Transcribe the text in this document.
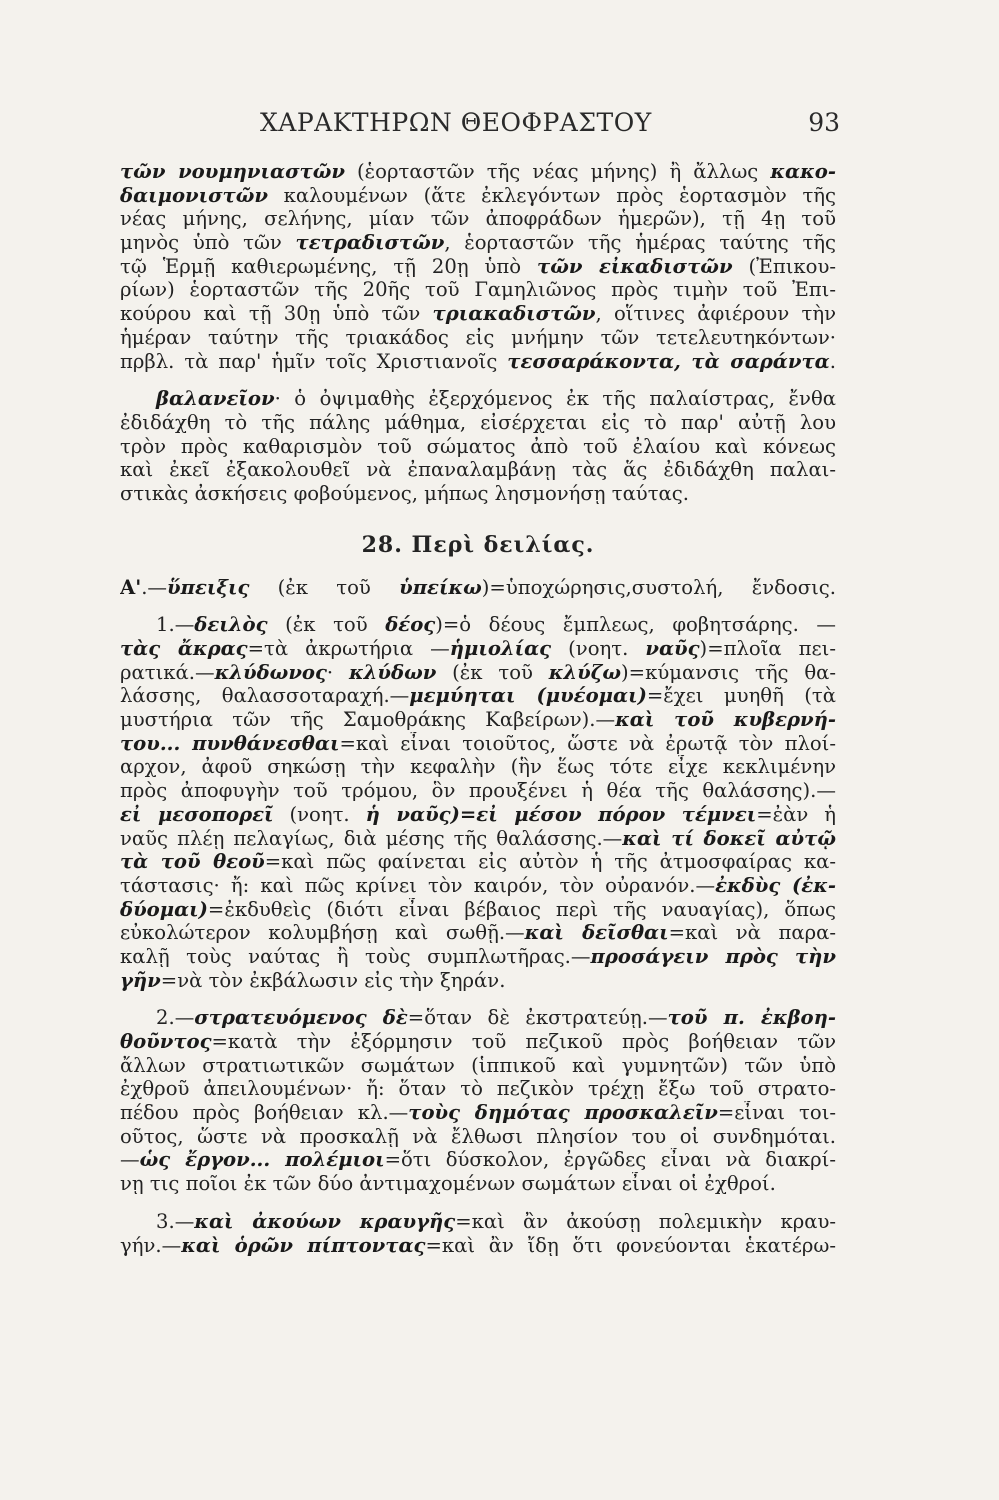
ΧΑΡΑΚΤΗΡΩΝ ΘΕΟΦΡΑΣΤΟΥ	93
τῶν νουμηνιαστῶν (ἑορταστῶν τῆς νέας μήνης) ἢ ἄλλως κακο-
δαιμονιστῶν καλουμένων (ἅτε ἐκλεγόντων πρὸς ἑορτασμὸν τῆς
νέας μήνης, σελήνης, μίαν τῶν ἀποφράδων ἡμερῶν), τῇ 4ῃ τοῦ
μηνὸς ὑπὸ τῶν τετραδιστῶν, ἑορταστῶν τῆς ἡμέρας ταύτης τῆς
τῷ Ἑρμῇ καθιερωμένης, τῇ 20ῃ ὑπὸ τῶν εἰκαδιστῶν (Ἐπικου-
ρίων) ἑορταστῶν τῆς 20ῆς τοῦ Γαμηλιῶνος πρὸς τιμὴν τοῦ Ἐπι-
κούρου καὶ τῇ 30ῃ ὑπὸ τῶν τριακαδιστῶν, οἵτινες ἀφιέρουν τὴν
ἡμέραν ταύτην τῆς τριακάδος εἰς μνήμην τῶν τετελευτηκόντων·
πρβλ. τὰ παρ' ἡμῖν τοῖς Χριστιανοῖς τεσσαράκοντα, τὰ σαράντα.
βαλανεῖον· ὁ ὀψιμαθὴς ἐξερχόμενος ἐκ τῆς παλαίστρας, ἔνθα
ἐδιδάχθη τὸ τῆς πάλης μάθημα, εἰσέρχεται εἰς τὸ παρ' αὐτῇ λου
τρὸν πρὸς καθαρισμὸν τοῦ σώματος ἀπὸ τοῦ ἐλαίου καὶ κόνεως
καὶ ἐκεῖ ἐξακολουθεῖ νὰ ἐπαναλαμβάνῃ τὰς ἅς ἐδιδάχθη παλαι-
στικὰς ἀσκήσεις φοβούμενος, μήπως λησμονήσῃ ταύτας.
28. Περὶ δειλίας.
Α'.—ὕπειξις (ἐκ τοῦ ὑπείκω)=ὑποχώρησις,συστολή, ἔνδοσις.
1.—δειλὸς (ἐκ τοῦ δέος)=ὁ δέους ἔμπλεως, φοβητσάρης. —
τὰς ἄκρας=τὰ ἀκρωτήρια —ἡμιολίας (νοητ. ναῦς)=πλοῖα πει-
ρατικά.—κλύδωνος· κλύδων (ἐκ τοῦ κλύζω)=κύμανσις τῆς θα-
λάσσης, θαλασσοταραχή.—μεμύηται (μυέομαι)=ἔχει μυηθῆ (τὰ
μυστήρια τῶν τῆς Σαμοθράκης Καβείρων).—καὶ τοῦ κυβερνή-
του... πυνθάνεσθαι=καὶ εἶναι τοιοῦτος, ὥστε νὰ ἐρωτᾷ τὸν πλοί-
αρχον, ἀφοῦ σηκώσῃ τὴν κεφαλὴν (ἣν ἕως τότε εἶχε κεκλιμένην
πρὸς ἀποφυγὴν τοῦ τρόμου, ὃν προυξένει ἡ θέα τῆς θαλάσσης).—
εἰ μεσοπορεῖ (νοητ. ἡ ναῦς)=εἰ μέσον πόρον τέμνει=ἐὰν ἡ
ναῦς πλέῃ πελαγίως, διὰ μέσης τῆς θαλάσσης.—καὶ τί δοκεῖ αὐτῷ
τὰ τοῦ θεοῦ=καὶ πῶς φαίνεται εἰς αὐτὸν ἡ τῆς ἀτμοσφαίρας κα-
τάστασις· ἤ: καὶ πῶς κρίνει τὸν καιρόν, τὸν οὐρανόν.—ἐκδὺς (ἐκ-
δύομαι)=ἐκδυθεὶς (διότι εἶναι βέβαιος περὶ τῆς ναυαγίας), ὅπως
εὐκολώτερον κολυμβήσῃ καὶ σωθῇ.—καὶ δεῖσθαι=καὶ νὰ παρα-
καλῇ τοὺς ναύτας ἢ τοὺς συμπλωτῆρας.—προσάγειν πρὸς τὴν
γῆν=νὰ τὸν ἐκβάλωσιν εἰς τὴν ξηράν.
2.—στρατευόμενος δὲ=ὅταν δὲ ἐκστρατεύῃ.—τοῦ π. ἐκβοη-
θοῦντος=κατὰ τὴν ἐξόρμησιν τοῦ πεζικοῦ πρὸς βοήθειαν τῶν
ἄλλων στρατιωτικῶν σωμάτων (ἱππικοῦ καὶ γυμνητῶν) τῶν ὑπὸ
ἐχθροῦ ἀπειλουμένων· ἤ: ὅταν τὸ πεζικὸν τρέχῃ ἔξω τοῦ στρατο-
πέδου πρὸς βοήθειαν κλ.—τοὺς δημότας προσκαλεῖν=εἶναι τοι-
οῦτος, ὥστε νὰ προσκαλῇ νὰ ἔλθωσι πλησίον του οἱ συνδημόται.
—ὡς ἔργον... πολέμιοι=ὅτι δύσκολον, ἐργῶδες εἶναι νὰ διακρί-
νῃ τις ποῖοι ἐκ τῶν δύο ἀντιμαχομένων σωμάτων εἶναι οἱ ἐχθροί.
3.—καὶ ἀκούων κραυγῆς=καὶ ἂν ἀκούσῃ πολεμικὴν κραυ-
γήν.—καὶ ὁρῶν πίπτοντας=καὶ ἂν ἴδῃ ὅτι φονεύονται ἑκατέρω-
